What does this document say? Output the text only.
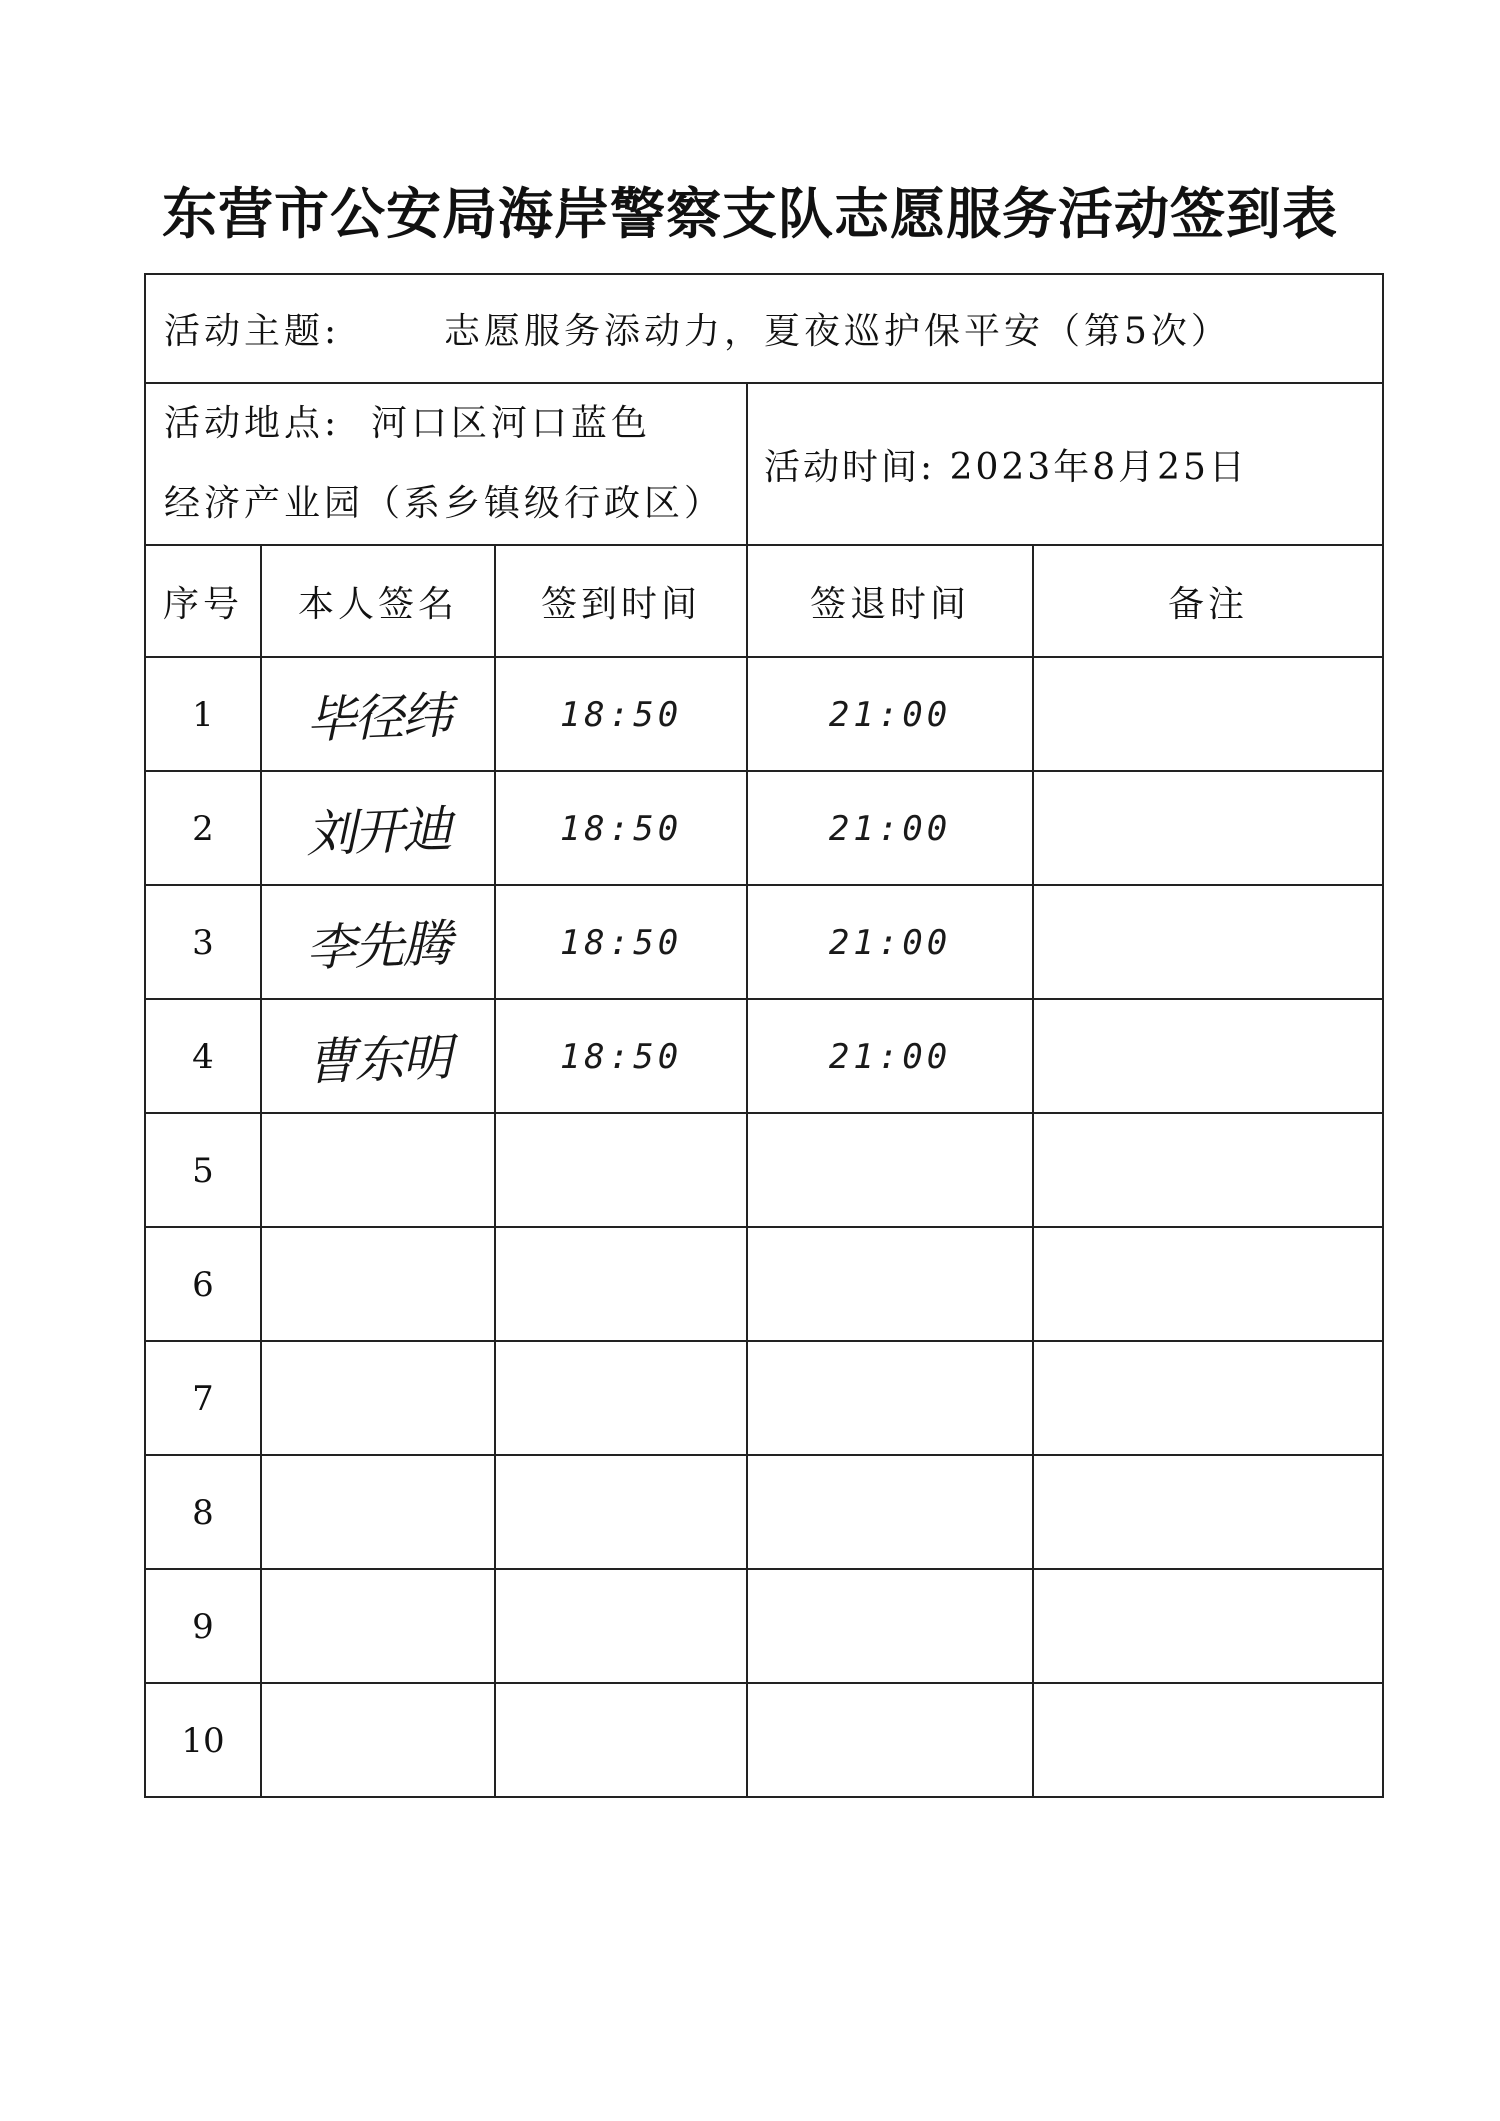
东营市公安局海岸警察支队志愿服务活动签到表
活动主题: 志愿服务添动力，夏夜巡护保平安（第5次）				

活动地点: 河口区河口蓝色
经济产业园（系乡镇级行政区）			活动时间: 2023年8月25日	
序号	本人签名	签到时间	签退时间	备注
1	毕径纬	18:50	21:00	
2	刘开迪	18:50	21:00	
3	李先腾	18:50	21:00	
4	曹东明	18:50	21:00	
5				
6				
7				
8				
9				
10				
